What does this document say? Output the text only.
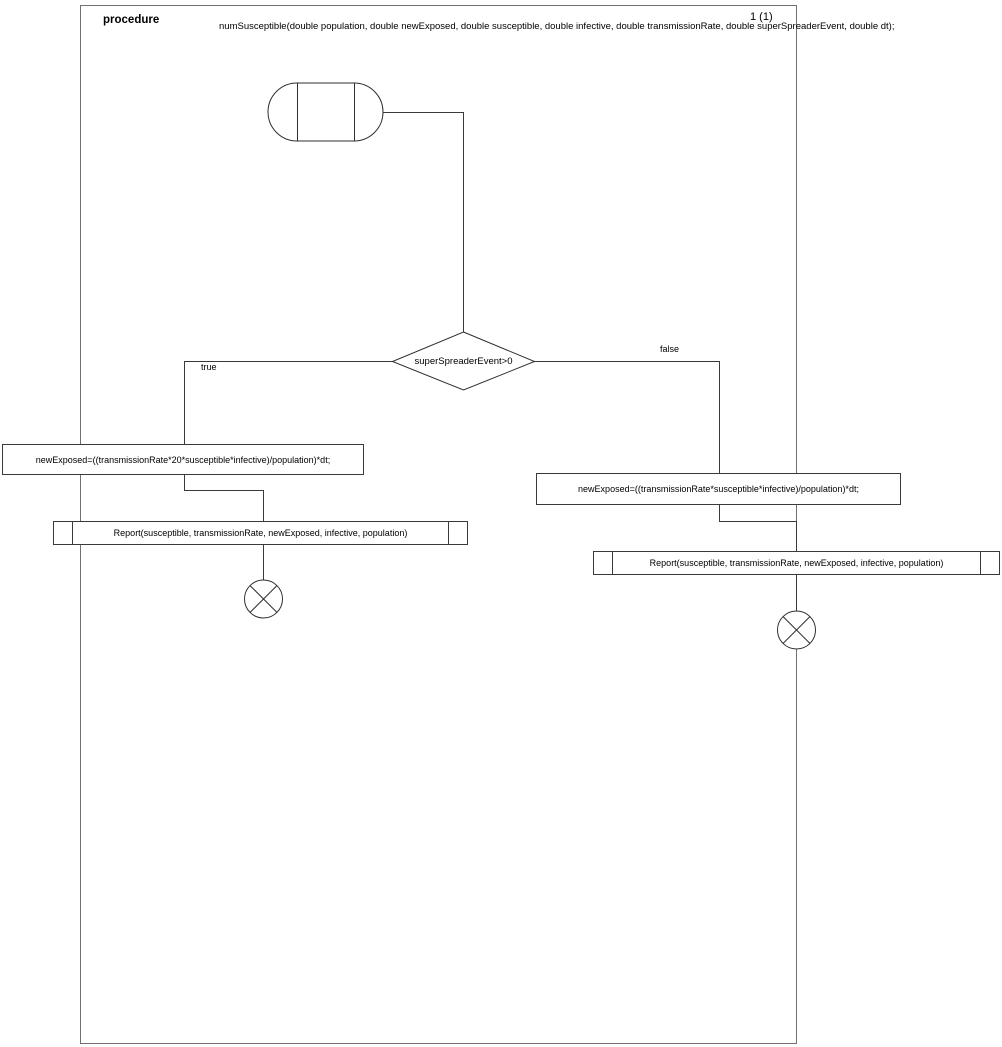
procedure
numSusceptible(double population, double newExposed, double susceptible, double infective, double transmissionRate, double superSpreaderEvent, double dt);
1 (1)
superSpreaderEvent>0
true
false
newExposed=((transmissionRate*20*susceptible*infective)/population)*dt;
Report(susceptible, transmissionRate, newExposed, infective, population)
newExposed=((transmissionRate*susceptible*infective)/population)*dt;
Report(susceptible, transmissionRate, newExposed, infective, population)
